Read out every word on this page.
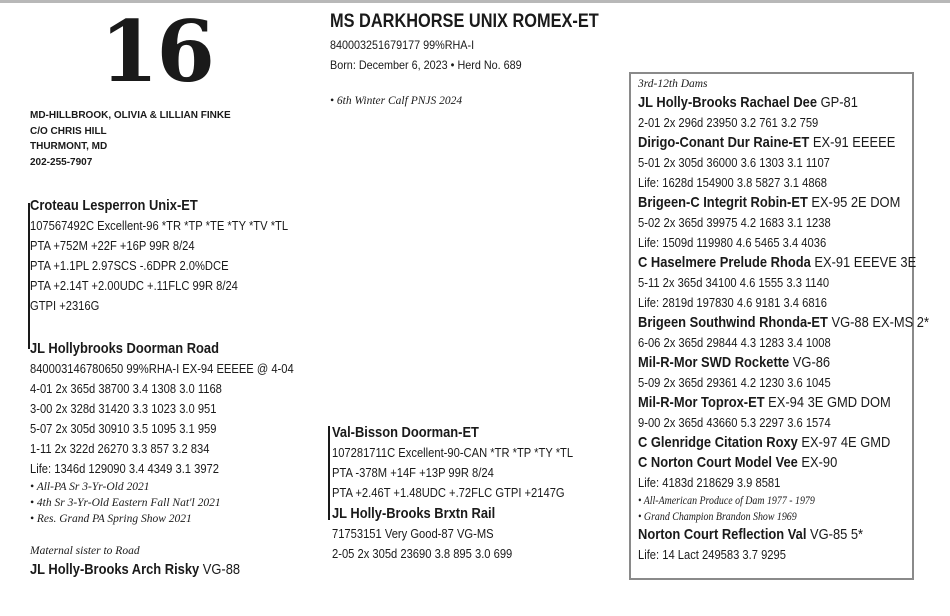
16
MD-HILLBROOK, OLIVIA & LILLIAN FINKE
C/O CHRIS HILL
THURMONT, MD
202-255-7907
MS DARKHORSE UNIX ROMEX-ET
840003251679177 99%RHA-I
Born: December 6, 2023 • Herd No. 689
• 6th Winter Calf PNJS 2024
Croteau Lesperron Unix-ET
107567492C Excellent-96 *TR *TP *TE *TY *TV *TL
PTA +752M +22F +16P 99R 8/24
PTA +1.1PL 2.97SCS -.6DPR 2.0%DCE
PTA +2.14T +2.00UDC +.11FLC 99R 8/24
GTPI +2316G
JL Hollybrooks Doorman Road
840003146780650 99%RHA-I EX-94 EEEEE @ 4-04
4-01 2x 365d 38700 3.4 1308 3.0 1168
3-00 2x 328d 31420 3.3 1023 3.0 951
5-07 2x 305d 30910 3.5 1095 3.1 959
1-11 2x 322d 26270 3.3 857 3.2 834
Life: 1346d 129090 3.4 4349 3.1 3972
• All-PA Sr 3-Yr-Old 2021
• 4th Sr 3-Yr-Old Eastern Fall Nat'l 2021
• Res. Grand PA Spring Show 2021
Maternal sister to Road
JL Holly-Brooks Arch Risky VG-88
Val-Bisson Doorman-ET
107281711C Excellent-90-CAN *TR *TP *TY *TL
PTA -378M +14F +13P 99R 8/24
PTA +2.46T +1.48UDC +.72FLC GTPI +2147G
JL Holly-Brooks Brxtn Rail
71753151 Very Good-87 VG-MS
2-05 2x 305d 23690 3.8 895 3.0 699
3rd-12th Dams
JL Holly-Brooks Rachael Dee GP-81
2-01 2x 296d 23950 3.2 761 3.2 759
Dirigo-Conant Dur Raine-ET EX-91 EEEEE
5-01 2x 305d 36000 3.6 1303 3.1 1107
Life: 1628d 154900 3.8 5827 3.1 4868
Brigeen-C Integrit Robin-ET EX-95 2E DOM
5-02 2x 365d 39975 4.2 1683 3.1 1238
Life: 1509d 119980 4.6 5465 3.4 4036
C Haselmere Prelude Rhoda EX-91 EEEVE 3E
5-11 2x 365d 34100 4.6 1555 3.3 1140
Life: 2819d 197830 4.6 9181 3.4 6816
Brigeen Southwind Rhonda-ET VG-88 EX-MS 2*
6-06 2x 365d 29844 4.3 1283 3.4 1008
Mil-R-Mor SWD Rockette VG-86
5-09 2x 365d 29361 4.2 1230 3.6 1045
Mil-R-Mor Toprox-ET EX-94 3E GMD DOM
9-00 2x 365d 43660 5.3 2297 3.6 1574
C Glenridge Citation Roxy EX-97 4E GMD
C Norton Court Model Vee EX-90
Life: 4183d 218629 3.9 8581
• All-American Produce of Dam 1977 - 1979
• Grand Champion Brandon Show 1969
Norton Court Reflection Val VG-85 5*
Life: 14 Lact 249583 3.7 9295
